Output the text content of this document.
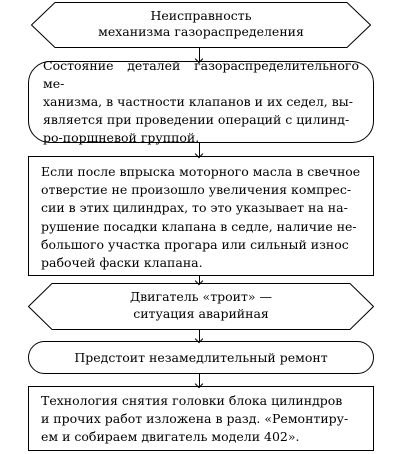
Неисправность
механизма газораспределения
Состояние деталей газораспределительного ме-
ханизма, в частности клапанов и их седел, вы-
является при проведении операций с цилинд-
ро-поршневой группой.
Если после впрыска моторного масла в свечное
отверстие не произошло увеличения компрес-
сии в этих цилиндрах, то это указывает на на-
рушение посадки клапана в седле, наличие не-
большого участка прогара или сильный износ
рабочей фаски клапана.
Двигатель «троит» —
ситуация аварийная
Предстоит незамедлительный ремонт
Технология снятия головки блока цилиндров
и прочих работ изложена в разд. «Ремонтиру-
ем и собираем двигатель модели 402».
